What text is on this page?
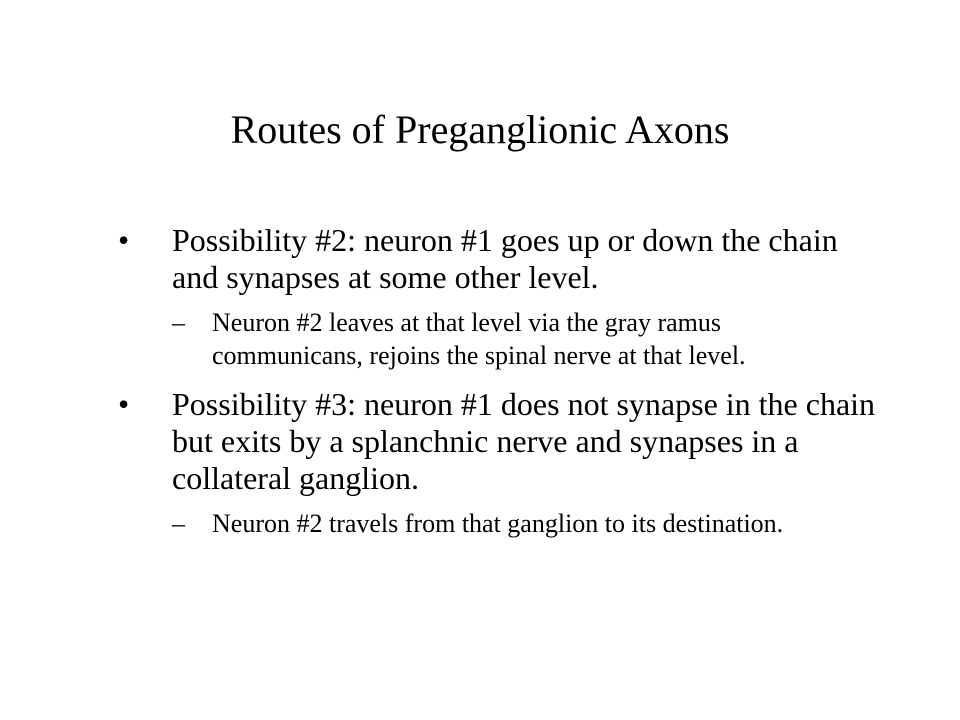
Routes of Preganglionic Axons
• Possibility #2: neuron #1 goes up or down the chain and synapses at some other level.
– Neuron #2 leaves at that level via the gray ramus communicans, rejoins the spinal nerve at that level.
• Possibility #3: neuron #1 does not synapse in the chain but exits by a splanchnic nerve and synapses in a collateral ganglion.
– Neuron #2 travels from that ganglion to its destination.
